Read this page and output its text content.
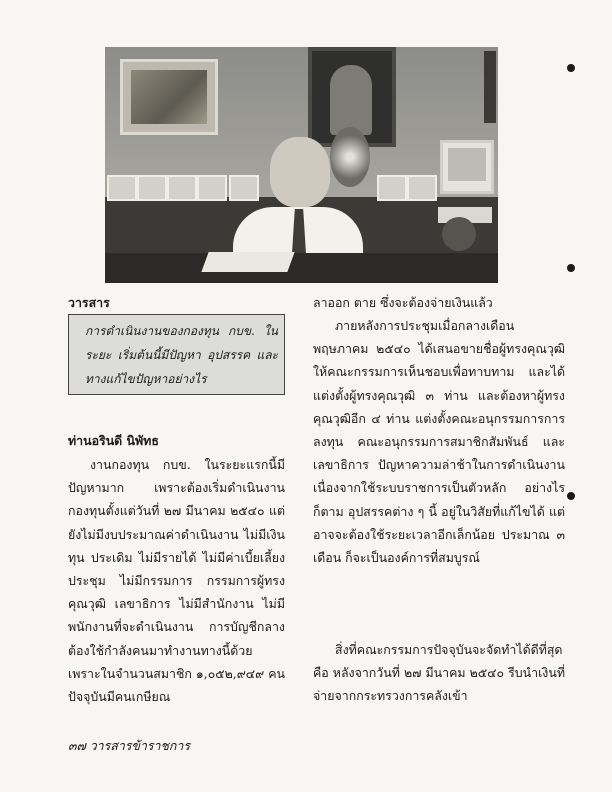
วารสาร
การดำเนินงานของกองทุน กบข. ในระยะ เริ่มต้นนี้มีปัญหา อุปสรรค และทางแก้ไขปัญหาอย่างไร
ท่านอรินดี นิพัทธ
งานกองทุน กบข. ในระยะแรกนี้มีปัญหามาก เพราะต้องเริ่มดำเนินงานกองทุนตั้งแต่วันที่ ๒๗ มีนาคม ๒๕๔๐ แต่ยังไม่มีงบประมาณค่าดำเนินงาน ไม่มีเงินทุน ประเดิม ไม่มีรายได้ ไม่มีค่าเบี้ยเลี้ยงประชุม ไม่มีกรรมการ กรรมการผู้ทรงคุณวุฒิ เลขาธิการ ไม่มีสำนักงาน ไม่มีพนักงานที่จะดำเนินงาน การบัญชีกลางต้องใช้กำลังคนมาทำงานทางนี้ด้วย เพราะในจำนวนสมาชิก ๑,๐๕๒,๙๔๙ คน ปัจจุบันมีคนเกษียณ
ลาออก ตาย ซึ่งจะต้องจ่ายเงินแล้ว
ภายหลังการประชุมเมื่อกลางเดือนพฤษภาคม ๒๕๔๐ ได้เสนอขายชื่อผู้ทรงคุณวุฒิให้คณะกรรมการเห็นชอบเพื่อทาบทาม และได้แต่งตั้งผู้ทรงคุณวุฒิ ๓ ท่าน และต้องหาผู้ทรงคุณวุฒิอีก ๔ ท่าน แต่งตั้งคณะอนุกรรมการการลงทุน คณะอนุกรรมการสมาชิกสัมพันธ์ และเลขาธิการ ปัญหาความล่าช้าในการดำเนินงาน เนื่องจากใช้ระบบราชการเป็นตัวหลัก อย่างไรก็ตาม อุปสรรคต่าง ๆ นี้ อยู่ในวิสัยที่แก้ไขได้ แต่อาจจะต้องใช้ระยะเวลาอีกเล็กน้อย ประมาณ ๓ เดือน ก็จะเป็นองค์การที่สมบูรณ์
สิ่งที่คณะกรรมการปัจจุบันจะจัดทำได้ดีที่สุด คือ หลังจากวันที่ ๒๗ มีนาคม ๒๕๔๐ รีบนำเงินที่จ่ายจากกระทรวงการคลังเข้า
๓๗ วารสารข้าราชการ
